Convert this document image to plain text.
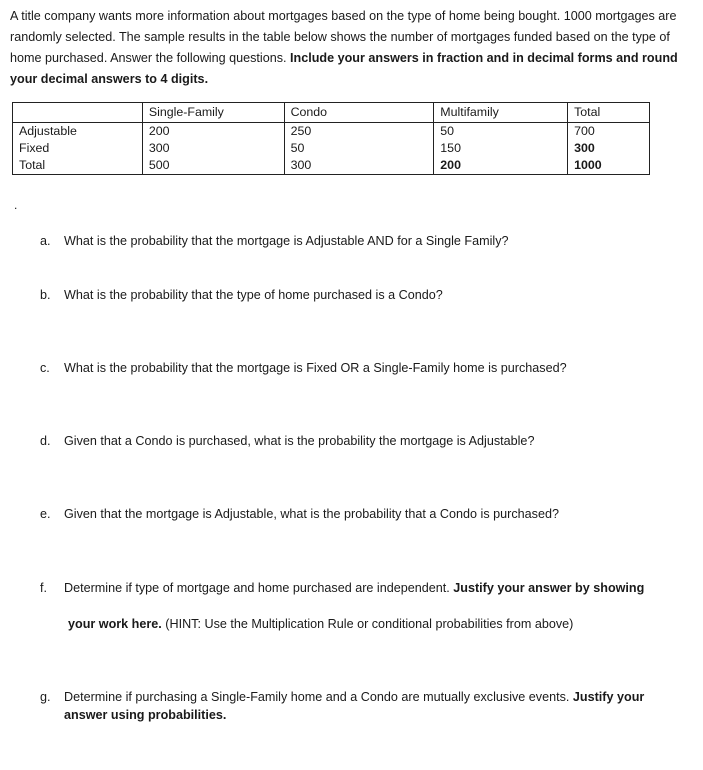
A title company wants more information about mortgages based on the type of home being bought. 1000 mortgages are randomly selected. The sample results in the table below shows the number of mortgages funded based on the type of home purchased. Answer the following questions. Include your answers in fraction and in decimal forms and round your decimal answers to 4 digits.

	Single-Family	Condo	Multifamily	Total
Adjustable	200	250	50	700
Fixed	300	50	150	300
Total	500	300	200	1000
.
a. What is the probability that the mortgage is Adjustable AND for a Single Family?
b. What is the probability that the type of home purchased is a Condo?
c. What is the probability that the mortgage is Fixed OR a Single-Family home is purchased?
d. Given that a Condo is purchased, what is the probability the mortgage is Adjustable?
e. Given that the mortgage is Adjustable, what is the probability that a Condo is purchased?
f. Determine if type of mortgage and home purchased are independent. Justify your answer by showing
your work here. (HINT: Use the Multiplication Rule or conditional probabilities from above)
g. Determine if purchasing a Single-Family home and a Condo are mutually exclusive events. Justify your
answer using probabilities.
